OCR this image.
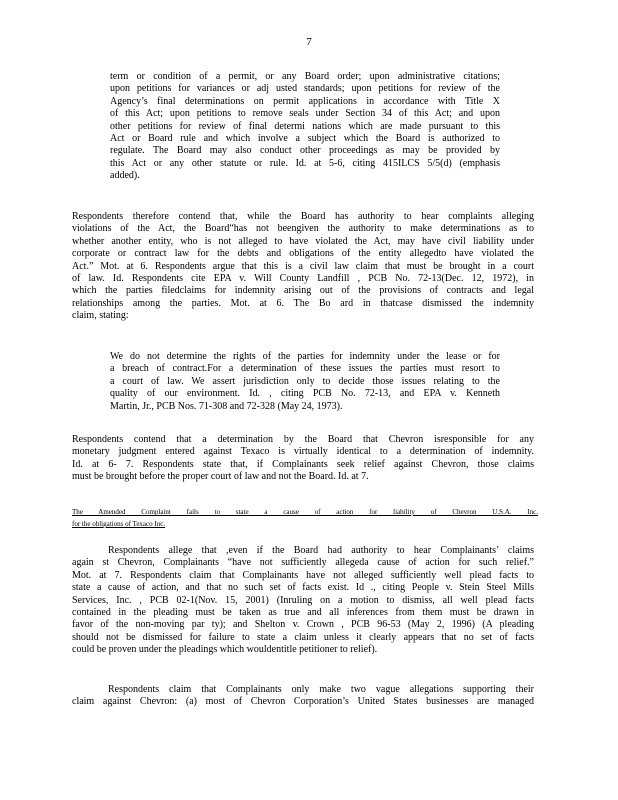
7
term or condition of a permit, or any Board order; upon administrative citations;
upon petitions for variances or adj usted standards; upon petitions for review of the
Agency’s final determinations on permit applications in accordance with Title X
of this Act; upon petitions to remove seals under Section 34 of this Act; and upon
other petitions for review of final determi nations which are made pursuant to this
Act or Board rule and which involve a subject which the Board is authorized to
regulate. The Board may also conduct other proceedings as may be provided by
this Act or any other statute or rule. Id. at 5-6, citing 415ILCS 5/5(d) (emphasis
added).
Respondents therefore contend that, while the Board has authority to hear complaints alleging
violations of the Act, the Board“has not beengiven the authority to make determinations as to
whether another entity, who is not alleged to have violated the Act, may have civil liability under
corporate or contract law for the debts and obligations of the entity allegedto have violated the
Act.” Mot. at 6. Respondents argue that this is a civil law claim that must be brought in a court
of law. Id. Respondents cite EPA v. Will County Landfill , PCB No. 72-13(Dec. 12, 1972), in
which the parties filedclaims for indemnity arising out of the provisions of contracts and legal
relationships among the parties. Mot. at 6. The Bo ard in thatcase dismissed the indemnity
claim, stating:
We do not determine the rights of the parties for indemnity under the lease or for
a breach of contract.For a determination of these issues the parties must resort to
a court of law. We assert jurisdiction only to decide those issues relating to the
quality of our environment. Id. , citing PCB No. 72-13, and EPA v. Kenneth
Martin, Jr., PCB Nos. 71-308 and 72-328 (May 24, 1973).
Respondents contend that a determination by the Board that Chevron isresponsible for any
monetary judgment entered against Texaco is virtually identical to a determination of indemnity.
Id. at 6- 7. Respondents state that, if Complainants seek relief against Chevron, those claims
must be brought before the proper court of law and not the Board. Id. at 7.
The Amended Complaint fails to state a cause of action for liability of Chevron U.S.A. Inc.
for the obligations of Texaco Inc.
Respondents allege that ,even if the Board had authority to hear Complainants’ claims
again st Chevron, Complainants “have not sufficiently allegeda cause of action for such relief.”
Mot. at 7. Respondents claim that Complainants have not alleged sufficiently well plead facts to
state a cause of action, and that no such set of facts exist. Id ., citing People v. Stein Steel Mills
Services, Inc. , PCB 02-1(Nov. 15, 2001) (Inruling on a motion to dismiss, all well plead facts
contained in the pleading must be taken as true and all inferences from them must be drawn in
favor of the non-moving par ty); and Shelton v. Crown , PCB 96-53 (May 2, 1996) (A pleading
should not be dismissed for failure to state a claim unless it clearly appears that no set of facts
could be proven under the pleadings which wouldentitle petitioner to relief).
Respondents claim that Complainants only make two vague allegations supporting their
claim against Chevron: (a) most of Chevron Corporation’s United States businesses are managed
